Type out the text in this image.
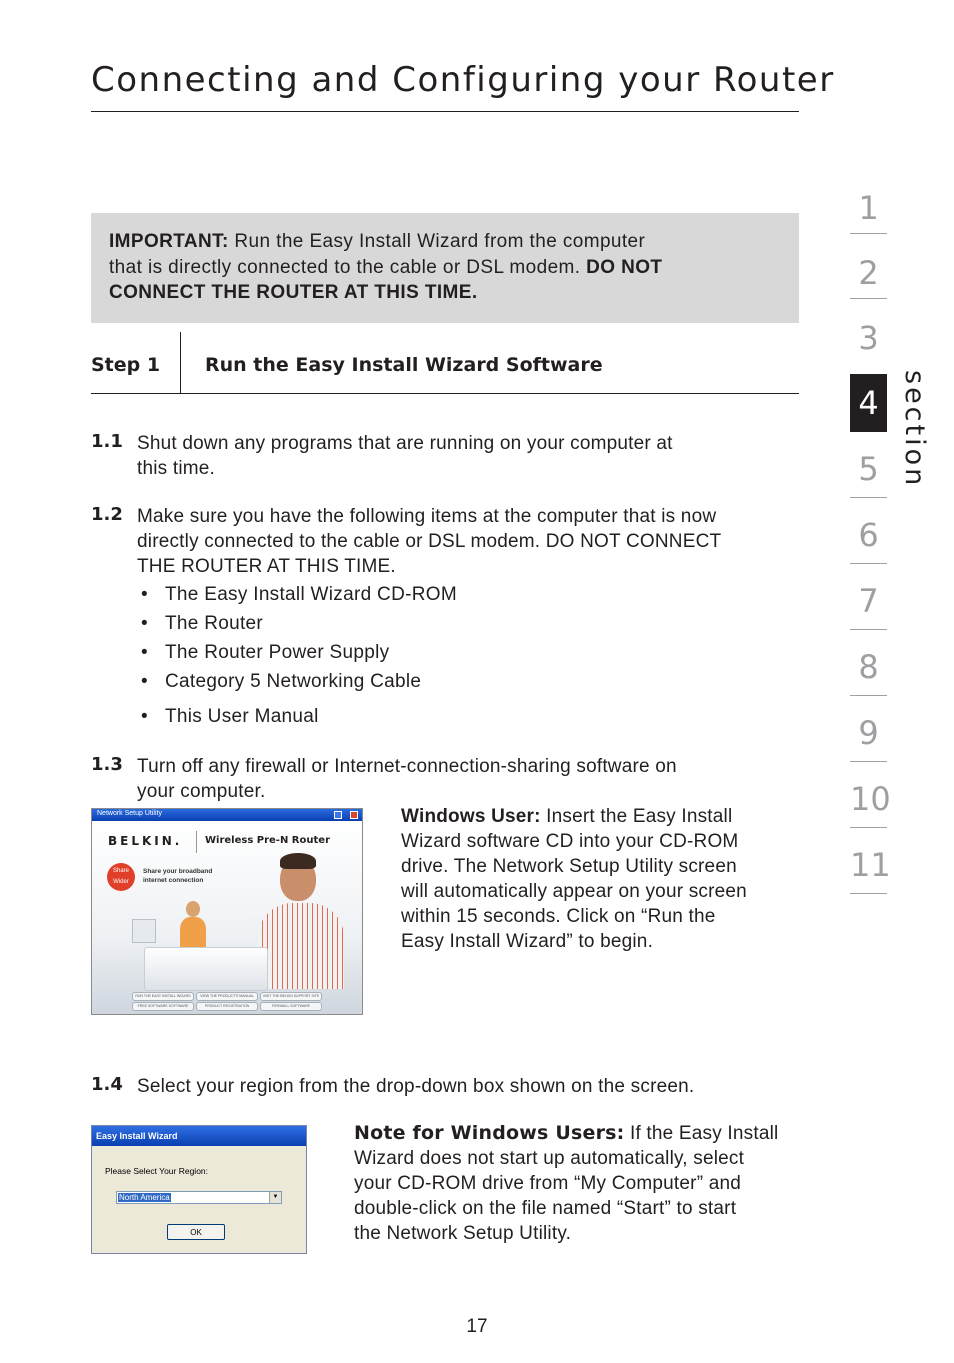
Connecting and Configuring your Router

IMPORTANT: Run the Easy Install Wizard from the computer
that is directly connected to the cable or DSL modem. DO NOT
CONNECT THE ROUTER AT THIS TIME.

Step 1 Run the Easy Install Wizard Software
1.1 Shut down any programs that are running on your computer at
this time.
1.2 Make sure you have the following items at the computer that is now
directly connected to the cable or DSL modem. DO NOT CONNECT
THE ROUTER AT THIS TIME.
• The Easy Install Wizard CD-ROM
• The Router
• The Router Power Supply
• Category 5 Networking Cable
• This User Manual
1.3 Turn off any firewall or Internet-connection-sharing software on
your computer.
Network Setup Utility
BELKIN. Wireless Pre-N Router
Share
Wider
Share your broadband
internet connection
RUN THE EASY INSTALL WIZARD	VIEW THE PRODUCT'S MANUAL	VISIT THE BELKIN SUPPORT SITE
FREE SOFTWARE SOFTWARE	PRODUCT REGISTRATION	FIREWALL SOFTWARE
Windows User: Insert the Easy Install
Wizard software CD into your CD-ROM
drive. The Network Setup Utility screen
will automatically appear on your screen
within 15 seconds. Click on “Run the
Easy Install Wizard” to begin.
1.4 Select your region from the drop-down box shown on the screen.
Easy Install Wizard
Please Select Your Region:
North America	▼
OK
Note for Windows Users: If the Easy Install
Wizard does not start up automatically, select
your CD-ROM drive from “My Computer” and
double-click on the file named “Start” to start
the Network Setup Utility.
1
2
3
4
5
6
7
8
9
10
11
section
17
